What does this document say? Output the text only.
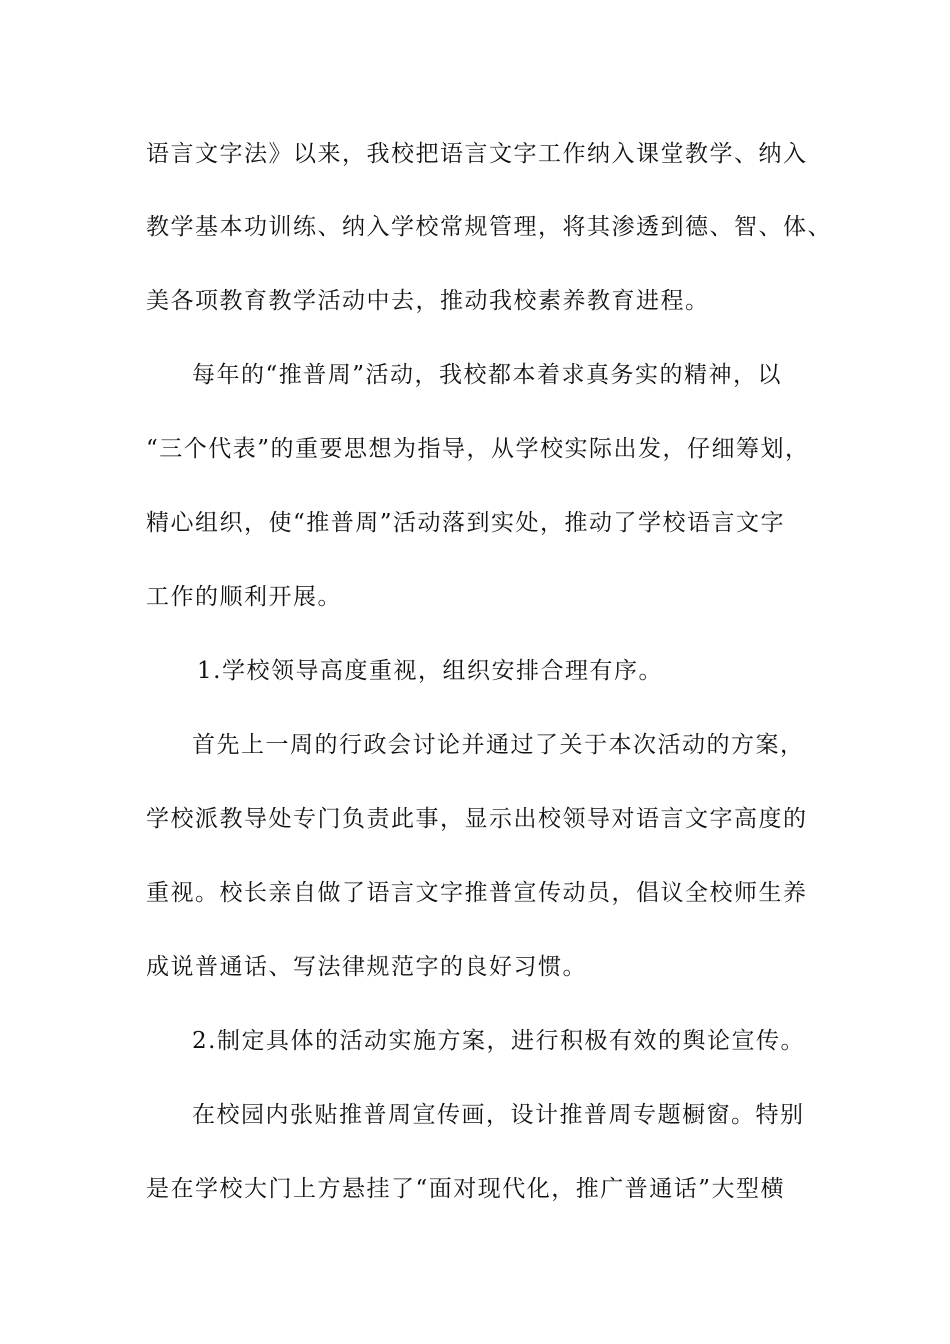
语言文字法》以来，我校把语言文字工作纳入课堂教学、纳入
教学基本功训练、纳入学校常规管理，将其渗透到德、智、体、
美各项教育教学活动中去，推动我校素养教育进程。
每年的“推普周”活动，我校都本着求真务实的精神，以
“三个代表”的重要思想为指导，从学校实际出发，仔细筹划，
精心组织，使“推普周”活动落到实处，推动了学校语言文字
工作的顺利开展。
1.学校领导高度重视，组织安排合理有序。
首先上一周的行政会讨论并通过了关于本次活动的方案，
学校派教导处专门负责此事，显示出校领导对语言文字高度的
重视。校长亲自做了语言文字推普宣传动员，倡议全校师生养
成说普通话、写法律规范字的良好习惯。
2.制定具体的活动实施方案，进行积极有效的舆论宣传。
在校园内张贴推普周宣传画，设计推普周专题橱窗。特别
是在学校大门上方悬挂了“面对现代化，推广普通话”大型横
